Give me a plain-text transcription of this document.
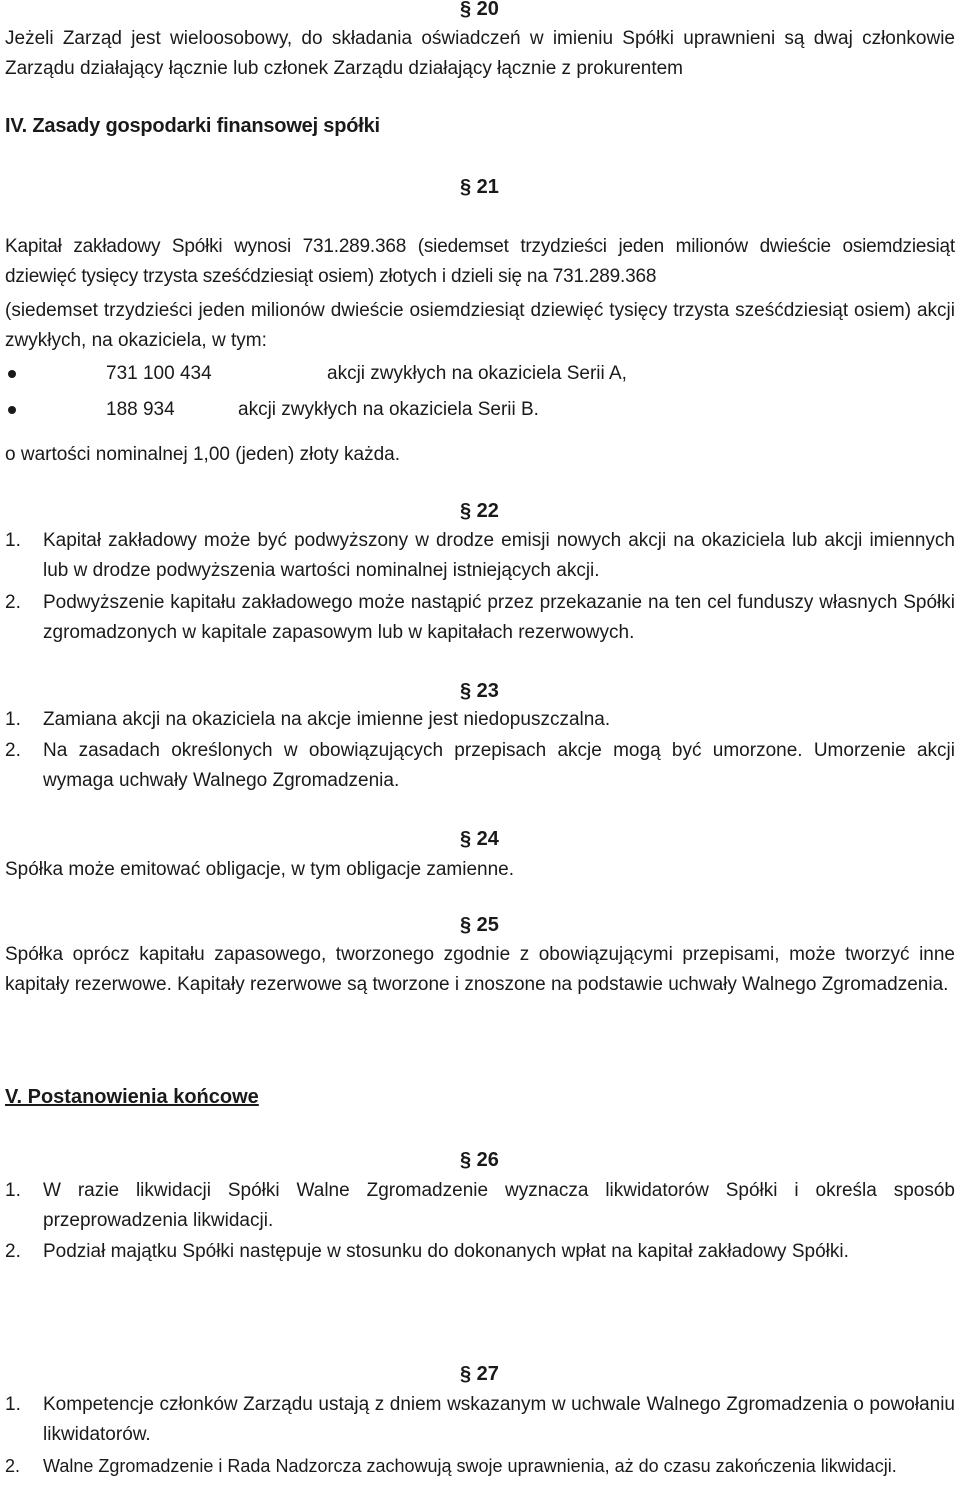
§ 20
Jeżeli Zarząd jest wieloosobowy, do składania oświadczeń w imieniu Spółki uprawnieni są dwaj członkowie Zarządu działający łącznie lub członek Zarządu działający łącznie z prokurentem
IV. Zasady gospodarki finansowej spółki
§ 21
Kapitał zakładowy Spółki wynosi 731.289.368 (siedemset trzydzieści jeden milionów dwieście osiemdziesiąt dziewięć tysięcy trzysta sześćdziesiąt osiem) złotych i dzieli się na 731.289.368
(siedemset trzydzieści jeden milionów dwieście osiemdziesiąt dziewięć tysięcy trzysta sześćdziesiąt osiem) akcji zwykłych, na okaziciela, w tym:
731 100 434	akcji zwykłych na okaziciela Serii A,
188 934	akcji zwykłych na okaziciela Serii B.
o wartości nominalnej 1,00 (jeden) złoty każda.
§ 22
1.	Kapitał zakładowy może być podwyższony w drodze emisji nowych akcji na okaziciela lub akcji imiennych lub w drodze podwyższenia wartości nominalnej istniejących akcji.
2.	Podwyższenie kapitału zakładowego może nastąpić przez przekazanie na ten cel funduszy własnych Spółki zgromadzonych w kapitale zapasowym lub w kapitałach rezerwowych.
§ 23
1.	Zamiana akcji na okaziciela na akcje imienne jest niedopuszczalna.
2.	Na zasadach określonych w obowiązujących przepisach akcje mogą być umorzone. Umorzenie akcji wymaga uchwały Walnego Zgromadzenia.
§ 24
Spółka może emitować obligacje, w tym obligacje zamienne.
§ 25
Spółka oprócz kapitału zapasowego, tworzonego zgodnie z obowiązującymi przepisami, może tworzyć inne kapitały rezerwowe. Kapitały rezerwowe są tworzone i znoszone na podstawie uchwały Walnego Zgromadzenia.
V. Postanowienia końcowe
§ 26
1.	W razie likwidacji Spółki Walne Zgromadzenie wyznacza likwidatorów Spółki i określa sposób przeprowadzenia likwidacji.
2.	Podział majątku Spółki następuje w stosunku do dokonanych wpłat na kapitał zakładowy Spółki.
§ 27
1.	Kompetencje członków Zarządu ustają z dniem wskazanym w uchwale Walnego Zgromadzenia o powołaniu likwidatorów.
2.	Walne Zgromadzenie i Rada Nadzorcza zachowują swoje uprawnienia, aż do czasu zakończenia likwidacji.
